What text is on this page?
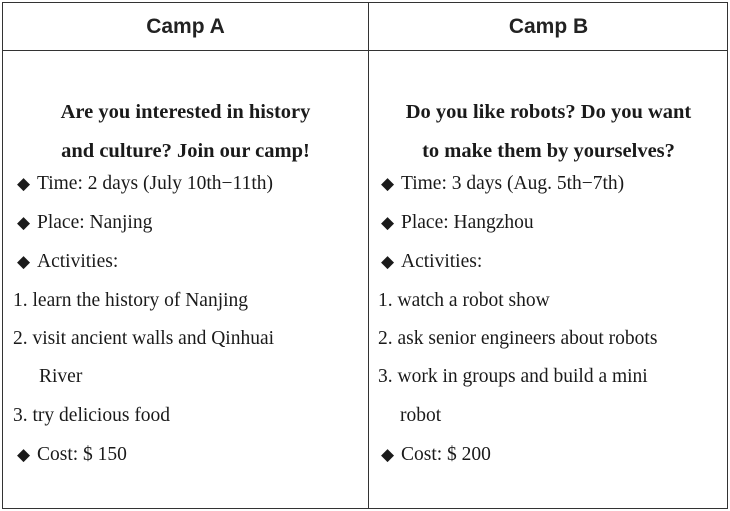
Camp A	Camp B
Are you interested in history
and culture? Join our camp!
◆ Time: 2 days (July 10th−11th)
◆ Place: Nanjing
◆ Activities:
1. learn the history of Nanjing
2. visit ancient walls and Qinhuai
River
3. try delicious food
◆ Cost: $ 150
Do you like robots? Do you want
to make them by yourselves?
◆ Time: 3 days (Aug. 5th−7th)
◆ Place: Hangzhou
◆ Activities:
1. watch a robot show
2. ask senior engineers about robots
3. work in groups and build a mini
robot
◆ Cost: $ 200
